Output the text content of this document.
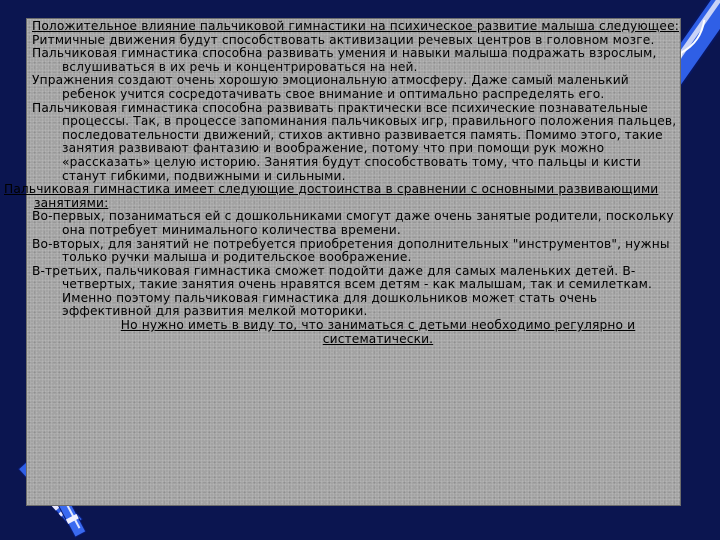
Положительное влияние пальчиковой гимнастики на психическое развитие малыша следующее:

Ритмичные движения будут способствовать активизации речевых центров в головном мозге.

Пальчиковая гимнастика способна развивать умения и навыки малыша подражать взрослым, вслушиваться в их речь и концентрироваться на ней.

Упражнения создают очень хорошую эмоциональную атмосферу. Даже самый маленький ребенок учится сосредотачивать свое внимание и оптимально распределять его.

Пальчиковая гимнастика способна развивать практически все психические познавательные процессы. Так, в процессе запоминания пальчиковых игр, правильного положения пальцев, последовательности движений, стихов активно развивается память. Помимо этого, такие занятия развивают фантазию и воображение, потому что при помощи рук можно «рассказать» целую историю. Занятия будут способствовать тому, что пальцы и кисти станут гибкими, подвижными и сильными.

Пальчиковая гимнастика имеет следующие достоинства в сравнении с основными развивающими занятиями:

Во-первых, позаниматься ей с дошкольниками смогут даже очень занятые родители, поскольку она потребует минимального количества времени.

Во-вторых, для занятий не потребуется приобретения дополнительных "инструментов", нужны только ручки малыша и родительское воображение.

В-третьих, пальчиковая гимнастика сможет подойти даже для самых маленьких детей. В-четвертых, такие занятия очень нравятся всем детям - как малышам, так и семилеткам. Именно поэтому пальчиковая гимнастика для дошкольников может стать очень эффективной для развития мелкой моторики.

Но нужно иметь в виду то, что заниматься с детьми необходимо регулярно и систематически.
